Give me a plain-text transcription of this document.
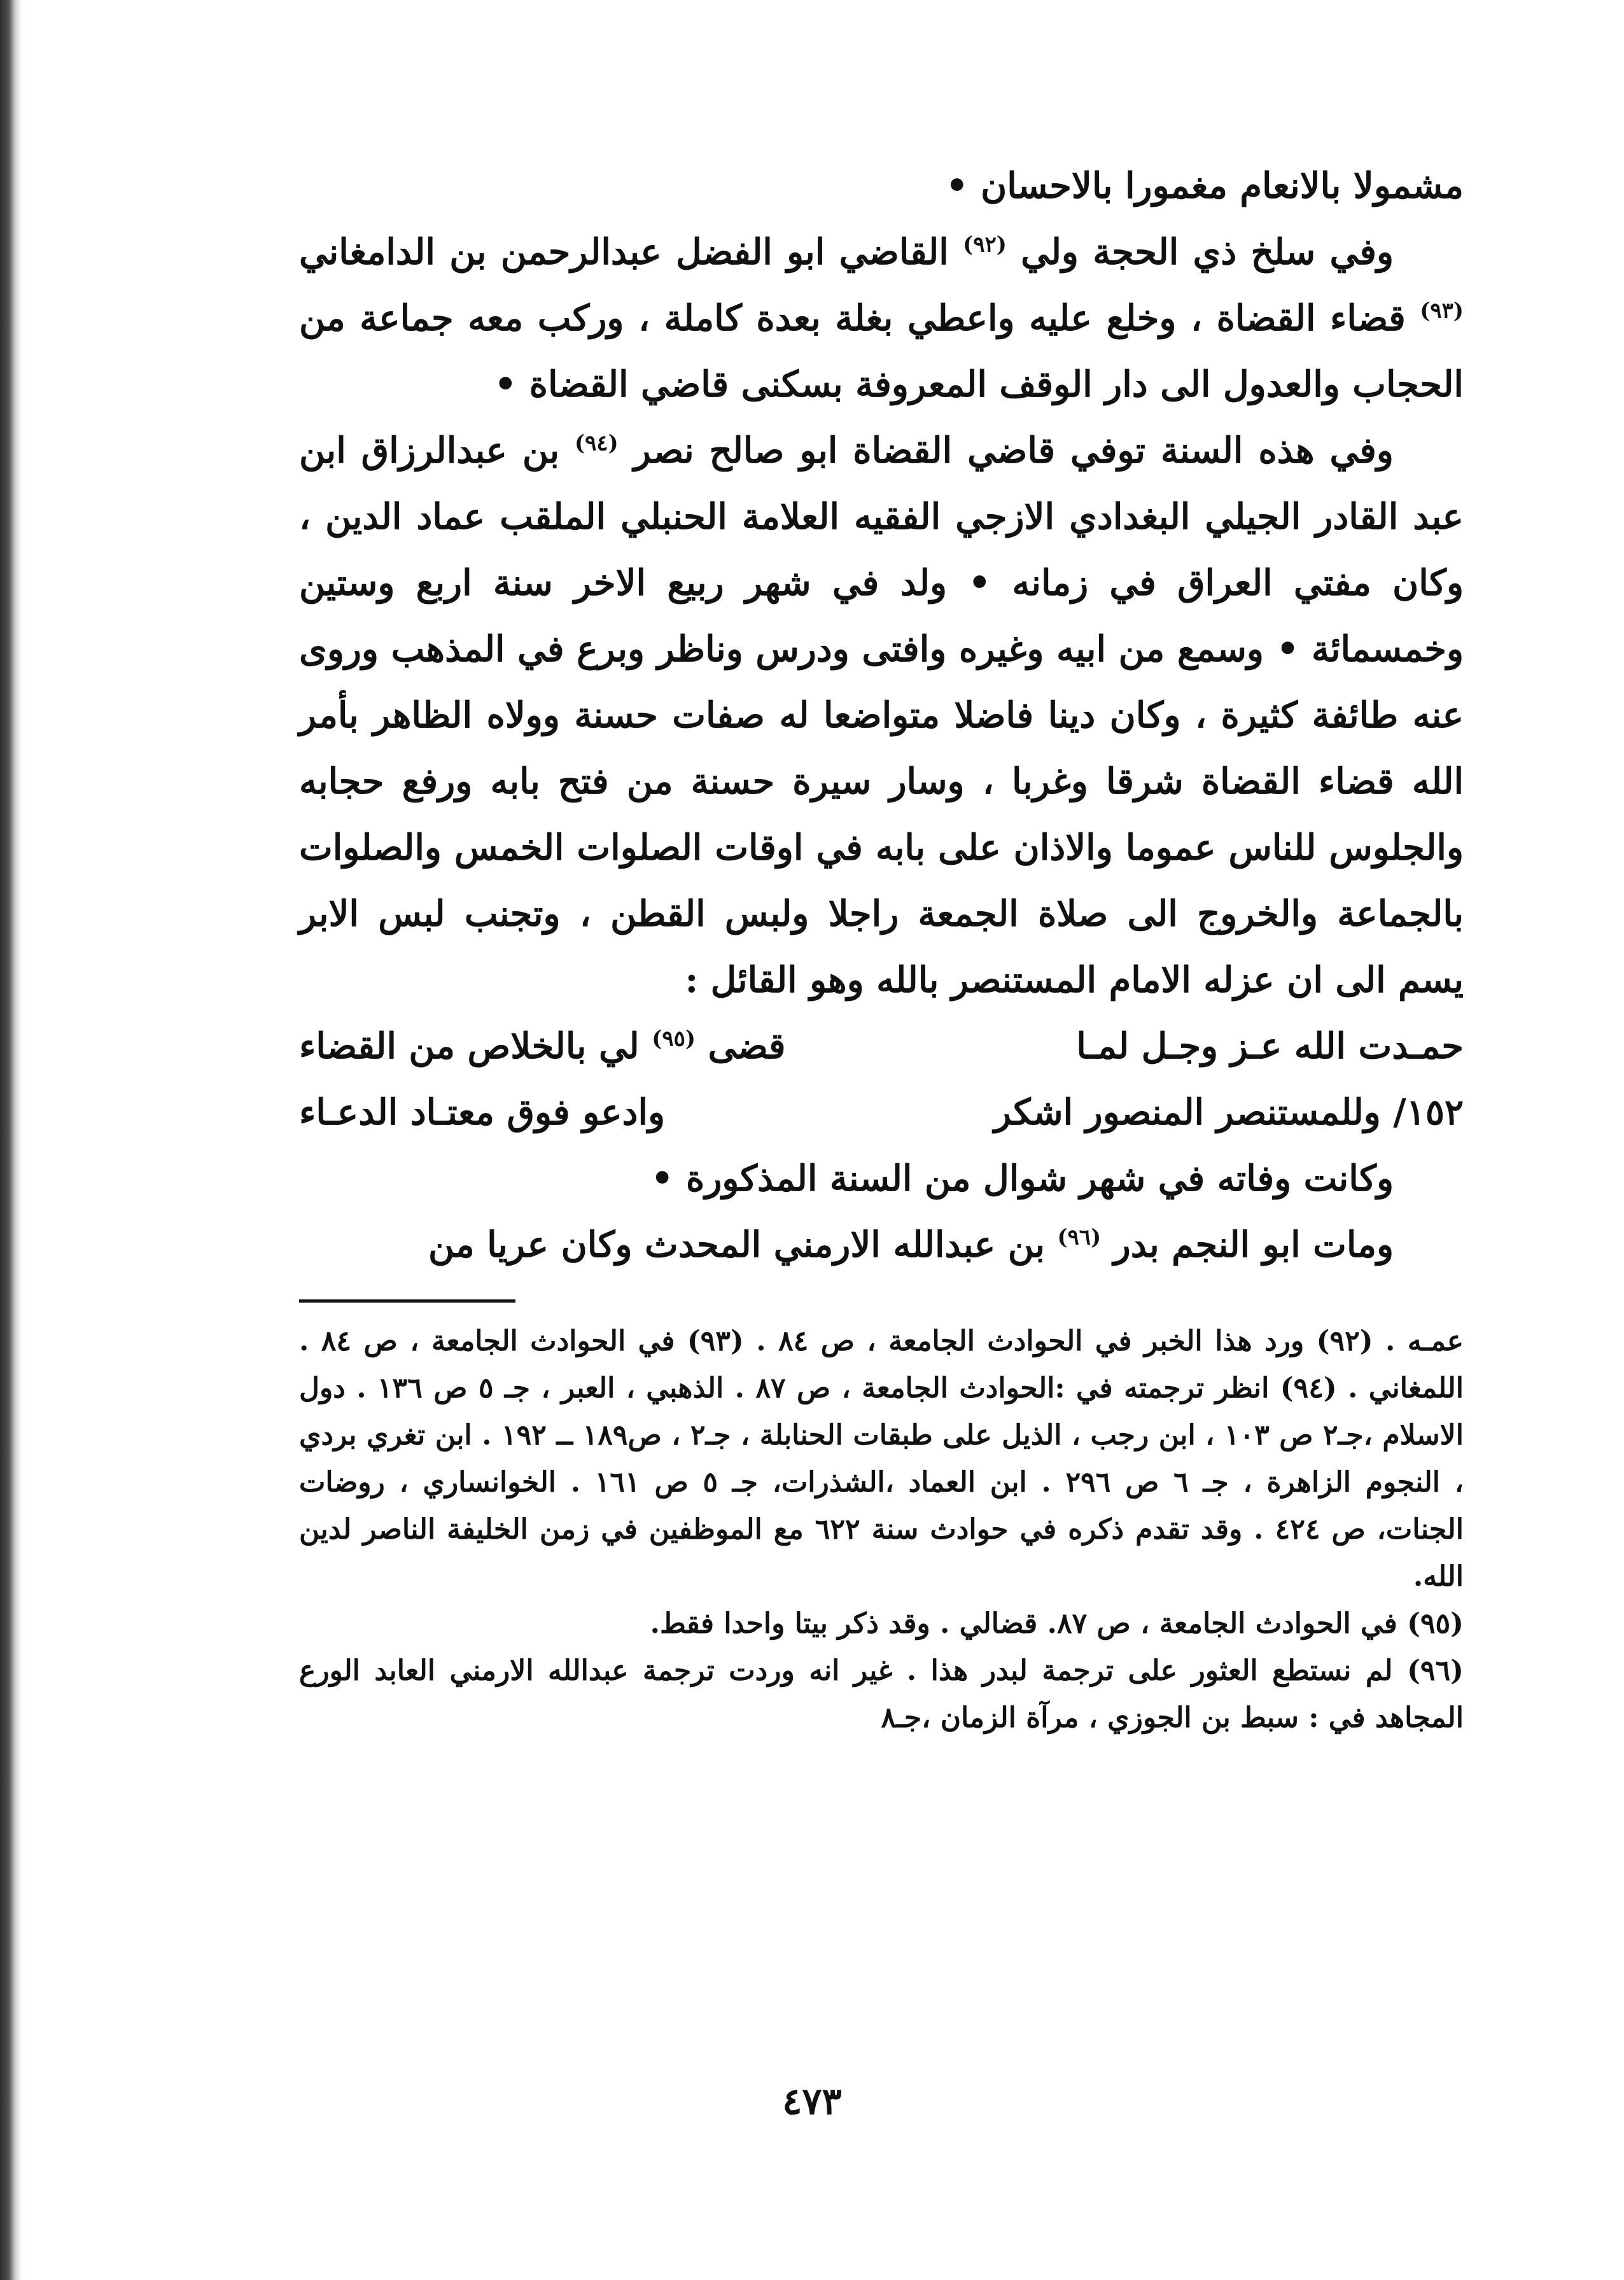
مشمولا بالانعام مغمورا بالاحسان •

وفي سلخ ذي الحجة ولي $^{(٩٢)}$ القاضي ابو الفضل عبدالرحمن بن الدامغاني $^{(٩٣)}$ قضاء القضاة ، وخلع عليه واعطي بغلة بعدة كاملة ، وركب معه جماعة من الحجاب والعدول الى دار الوقف المعروفة بسكنى قاضي القضاة •

وفي هذه السنة توفي قاضي القضاة ابو صالح نصر $^{(٩٤)}$ بن عبدالرزاق ابن عبد القادر الجيلي البغدادي الازجي الفقيه العلامة الحنبلي الملقب عماد الدين ، وكان مفتي العراق في زمانه • ولد في شهر ربيع الاخر سنة اربع وستين وخمسمائة • وسمع من ابيه وغيره وافتى ودرس وناظر وبرع في المذهب وروى عنه طائفة كثيرة ، وكان دينا فاضلا متواضعا له صفات حسنة وولاه الظاهر بأمر الله قضاء القضاة شرقا وغربا ، وسار سيرة حسنة من فتح بابه ورفع حجابه والجلوس للناس عموما والاذان على بابه في اوقات الصلوات الخمس والصلوات بالجماعة والخروج الى صلاة الجمعة راجلا ولبس القطن ، وتجنب لبس الابر يسم الى ان عزله الامام المستنصر بالله وهو القائل :

حمـدت الله عـز وجـل لمـا
قضى $^{(٩٥)}$ لي بالخلاص من القضاء
١٥٢/ وللمستنصر المنصور اشكر
وادعو فوق معتـاد الدعـاء

وكانت وفاته في شهر شوال من السنة المذكورة •

ومات ابو النجم بدر $^{(٩٦)}$ بن عبدالله الارمني المحدث وكان عريا من

عمـه . (٩٢) ورد هذا الخبر في الحوادث الجامعة ، ص ٨٤ . (٩٣) في الحوادث الجامعة ، ص ٨٤ . اللمغاني . (٩٤) انظر ترجمته في :الحوادث الجامعة ، ص ٨٧ . الذهبي ، العبر ، جـ ٥ ص ١٣٦ . دول الاسلام ،جـ٢ ص ١٠٣ ، ابن رجب ، الذيل على طبقات الحنابلة ، جـ٢ ، ص١٨٩ ــ ١٩٢ . ابن تغري بردي ، النجوم الزاهرة ، جـ ٦ ص ٢٩٦ . ابن العماد ،الشذرات، جـ ٥ ص ١٦١ . الخوانساري ، روضات الجنات، ص ٤٢٤ . وقد تقدم ذكره في حوادث سنة ٦٢٢ مع الموظفين في زمن الخليفة الناصر لدين الله.

(٩٥) في الحوادث الجامعة ، ص ٨٧. قضالي . وقد ذكر بيتا واحدا فقط.

(٩٦) لم نستطع العثور على ترجمة لبدر هذا . غير انه وردت ترجمة عبدالله الارمني العابد الورع المجاهد في : سبط بن الجوزي ، مرآة الزمان ،جـ٨

٤٧٣
